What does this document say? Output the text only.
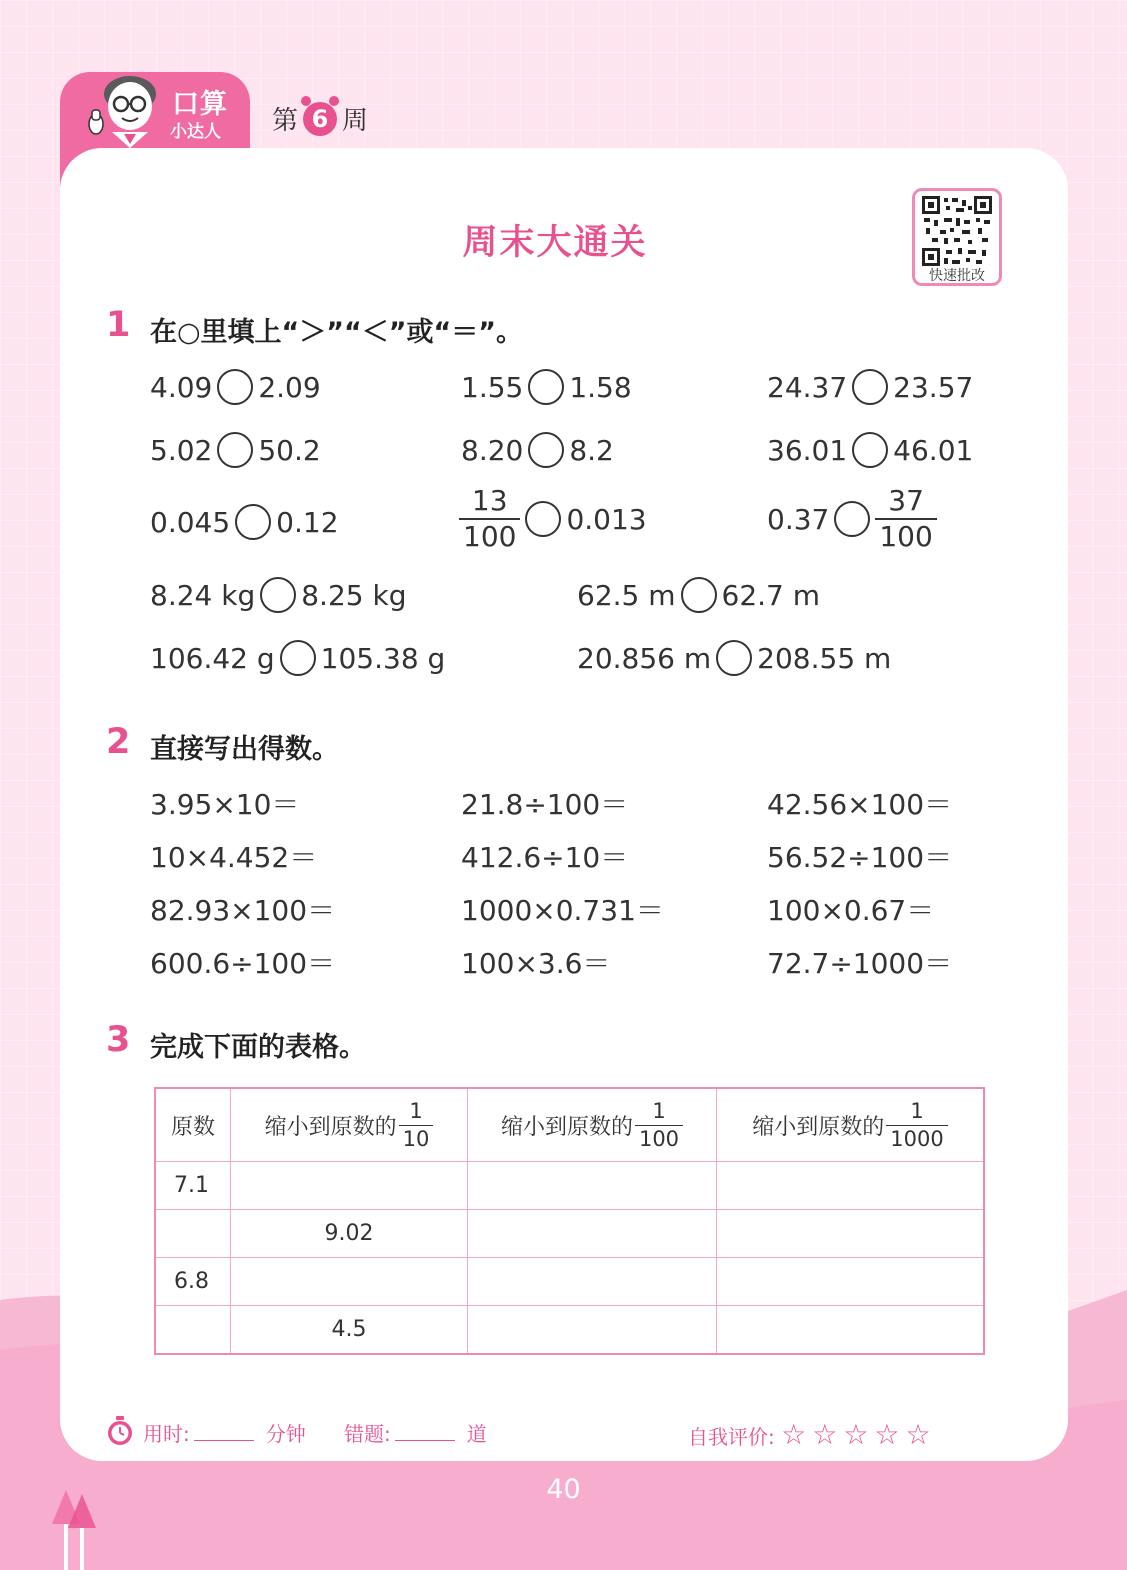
口算
小达人 第 6 周
周末大通关
快速批改
1 在○里填上“＞”“＜”或“＝”。
4.09 2.09	1.55 1.58	24.37 23.57
5.02 50.2	8.20 8.2	36.01 46.01
0.045 0.12	$\frac{13}{100} 0.013$	$0.37 \frac{37}{100}$
8.24 kg 8.25 kg	62.5 m 62.7 m
106.42 g 105.38 g	20.856 m 208.55 m
2 直接写出得数。
3.95×10＝	21.8÷100＝	42.56×100＝
10×4.452＝	412.6÷10＝	56.52÷100＝
82.93×100＝	1000×0.731＝	100×0.67＝
600.6÷100＝	100×3.6＝	72.7÷1000＝
3 完成下面的表格。
原数	缩小到原数的 $\frac{1}{10}$	缩小到原数的 $\frac{1}{100}$	缩小到原数的 $\frac{1}{1000}$

7.1			
	9.02		
6.8			
	4.5		
用时:	分钟 错题:	道	自我评价: ☆☆☆☆☆
40
